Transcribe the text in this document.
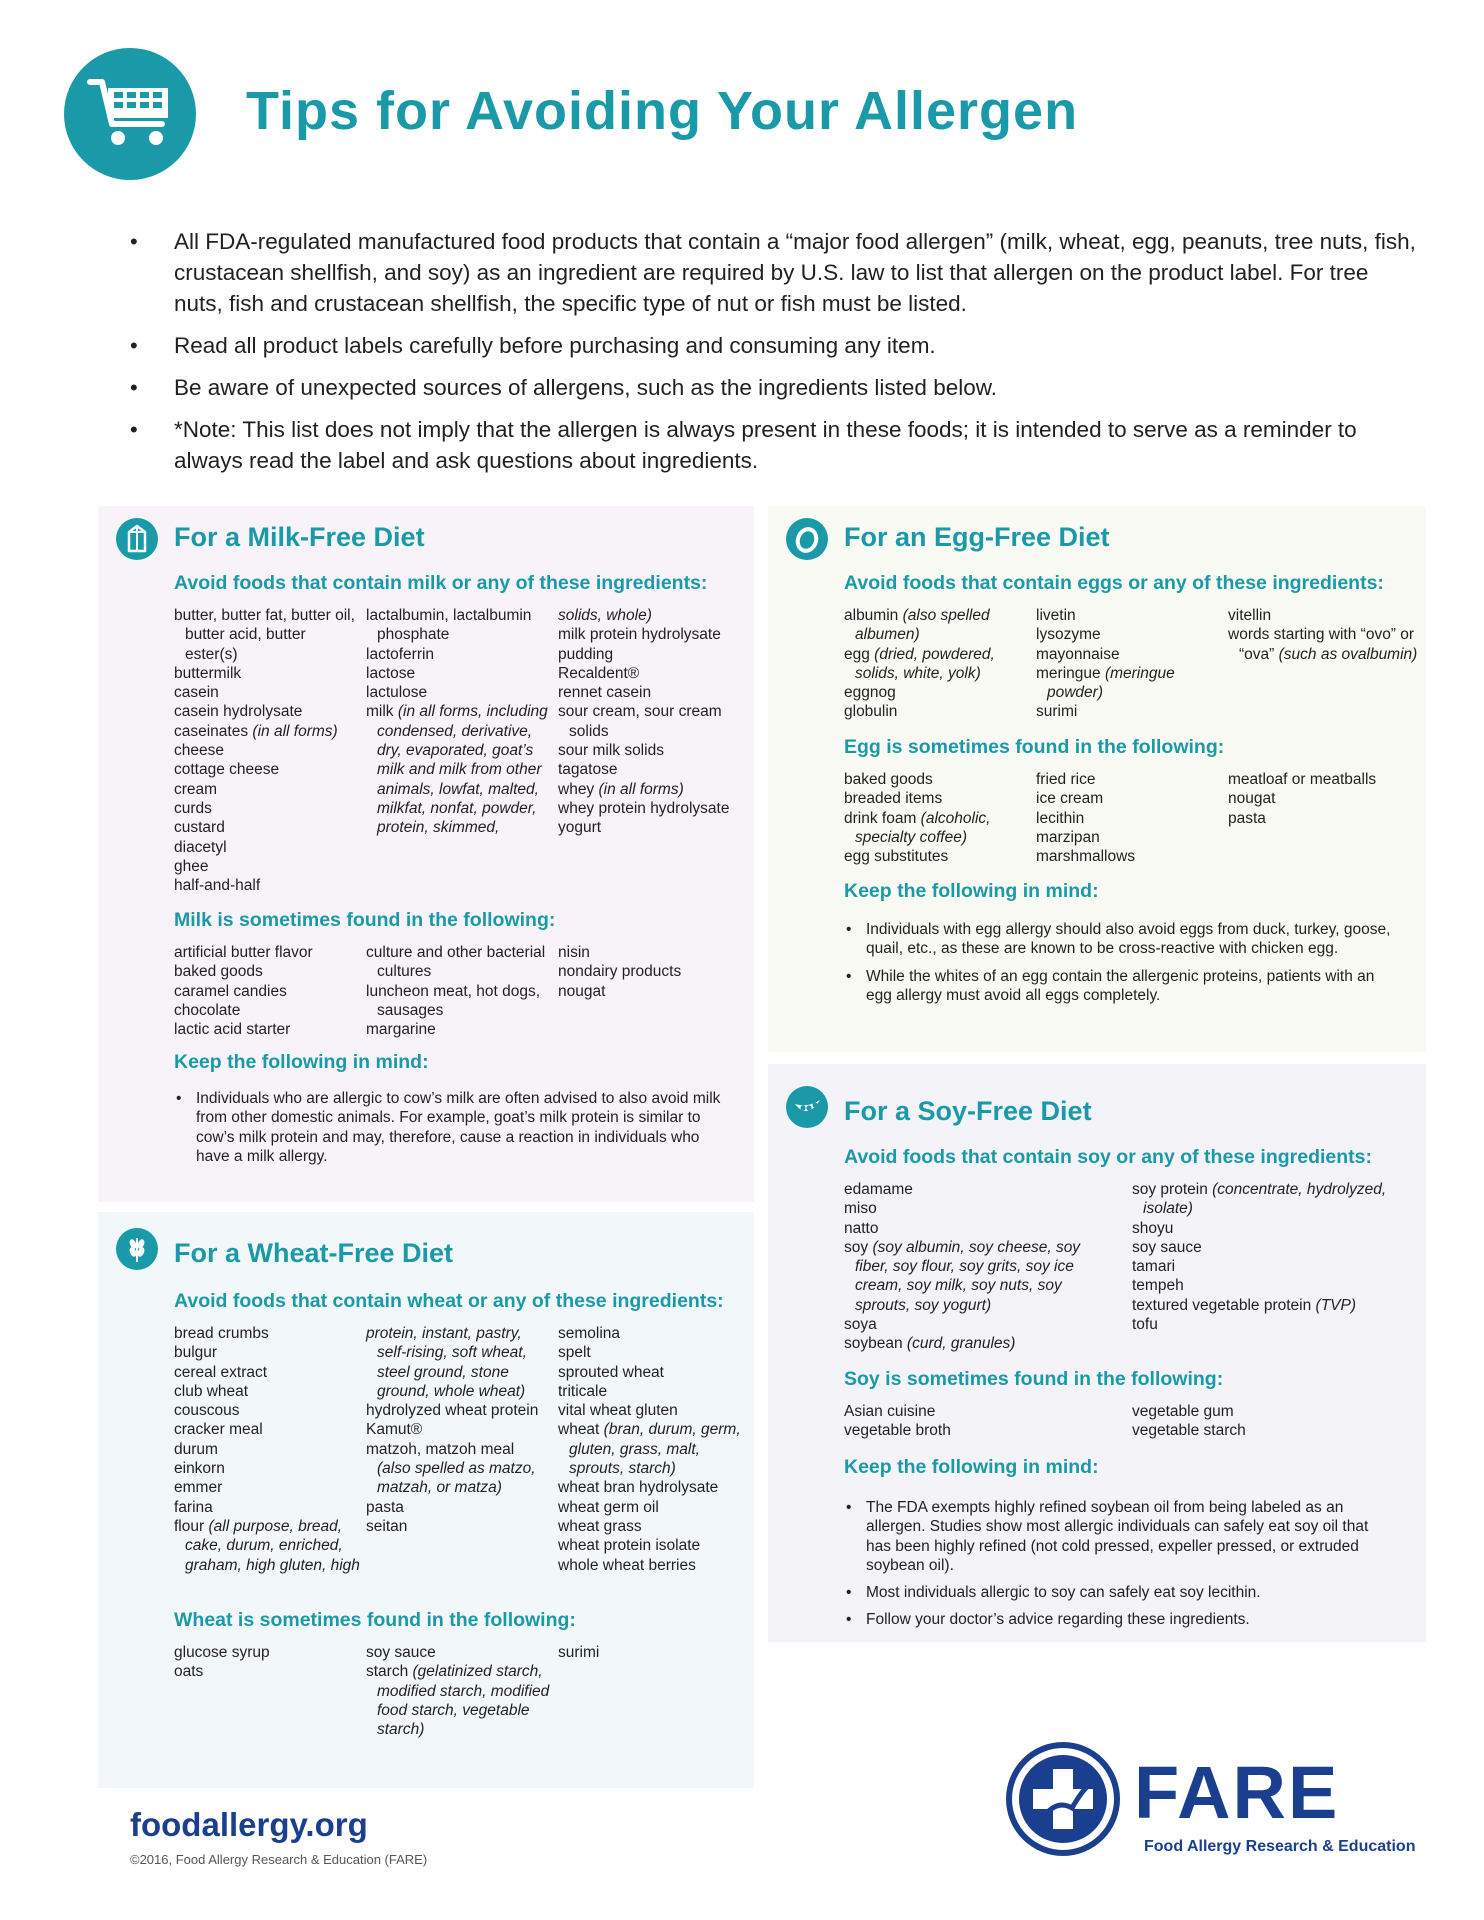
Tips for Avoiding Your Allergen
• All FDA-regulated manufactured food products that contain a “major food allergen” (milk, wheat, egg, peanuts, tree nuts, fish, crustacean shellfish, and soy) as an ingredient are required by U.S. law to list that allergen on the product label. For tree nuts, fish and crustacean shellfish, the specific type of nut or fish must be listed.
• Read all product labels carefully before purchasing and consuming any item.
• Be aware of unexpected sources of allergens, such as the ingredients listed below.
• *Note: This list does not imply that the allergen is always present in these foods; it is intended to serve as a reminder to always read the label and ask questions about ingredients.
For a Milk-Free Diet
Avoid foods that contain milk or any of these ingredients:
butter, butter fat, butter oil, butter acid, butter ester(s)
buttermilk
casein
casein hydrolysate
caseinates (in all forms)
cheese
cottage cheese
cream
curds
custard
diacetyl
ghee
half-and-half
lactalbumin, lactalbumin phosphate
lactoferrin
lactose
lactulose
milk (in all forms, including condensed, derivative, dry, evaporated, goat’s milk and milk from other animals, lowfat, malted, milkfat, nonfat, powder, protein, skimmed,
solids, whole)
milk protein hydrolysate
pudding
Recaldent®
rennet casein
sour cream, sour cream solids
sour milk solids
tagatose
whey (in all forms)
whey protein hydrolysate
yogurt
Milk is sometimes found in the following:
artificial butter flavor
baked goods
caramel candies
chocolate
lactic acid starter
culture and other bacterial cultures
luncheon meat, hot dogs, sausages
margarine
nisin
nondairy products
nougat
Keep the following in mind:
• Individuals who are allergic to cow’s milk are often advised to also avoid milk from other domestic animals. For example, goat’s milk protein is similar to cow’s milk protein and may, therefore, cause a reaction in individuals who have a milk allergy.
For a Wheat-Free Diet
Avoid foods that contain wheat or any of these ingredients:
bread crumbs
bulgur
cereal extract
club wheat
couscous
cracker meal
durum
einkorn
emmer
farina
flour (all purpose, bread, cake, durum, enriched, graham, high gluten, high
protein, instant, pastry, self-rising, soft wheat, steel ground, stone ground, whole wheat)
hydrolyzed wheat protein
Kamut®
matzoh, matzoh meal (also spelled as matzo, matzah, or matza)
pasta
seitan
semolina
spelt
sprouted wheat
triticale
vital wheat gluten
wheat (bran, durum, germ, gluten, grass, malt, sprouts, starch)
wheat bran hydrolysate
wheat germ oil
wheat grass
wheat protein isolate
whole wheat berries
Wheat is sometimes found in the following:
glucose syrup
oats
soy sauce
starch (gelatinized starch, modified starch, modified food starch, vegetable starch)
surimi
For an Egg-Free Diet
Avoid foods that contain eggs or any of these ingredients:
albumin (also spelled albumen)
egg (dried, powdered, solids, white, yolk)
eggnog
globulin
livetin
lysozyme
mayonnaise
meringue (meringue powder)
surimi
vitellin
words starting with “ovo” or “ova” (such as ovalbumin)
Egg is sometimes found in the following:
baked goods
breaded items
drink foam (alcoholic, specialty coffee)
egg substitutes
fried rice
ice cream
lecithin
marzipan
marshmallows
meatloaf or meatballs
nougat
pasta
Keep the following in mind:
• Individuals with egg allergy should also avoid eggs from duck, turkey, goose, quail, etc., as these are known to be cross-reactive with chicken egg.
• While the whites of an egg contain the allergenic proteins, patients with an egg allergy must avoid all eggs completely.
For a Soy-Free Diet
Avoid foods that contain soy or any of these ingredients:
edamame
miso
natto
soy (soy albumin, soy cheese, soy fiber, soy flour, soy grits, soy ice cream, soy milk, soy nuts, soy sprouts, soy yogurt)
soya
soybean (curd, granules)
soy protein (concentrate, hydrolyzed, isolate)
shoyu
soy sauce
tamari
tempeh
textured vegetable protein (TVP)
tofu
Soy is sometimes found in the following:
Asian cuisine
vegetable broth
vegetable gum
vegetable starch
Keep the following in mind:
• The FDA exempts highly refined soybean oil from being labeled as an allergen. Studies show most allergic individuals can safely eat soy oil that has been highly refined (not cold pressed, expeller pressed, or extruded soybean oil).
• Most individuals allergic to soy can safely eat soy lecithin.
• Follow your doctor’s advice regarding these ingredients.
foodallergy.org
©2016, Food Allergy Research & Education (FARE)
FARE
Food Allergy Research & Education
